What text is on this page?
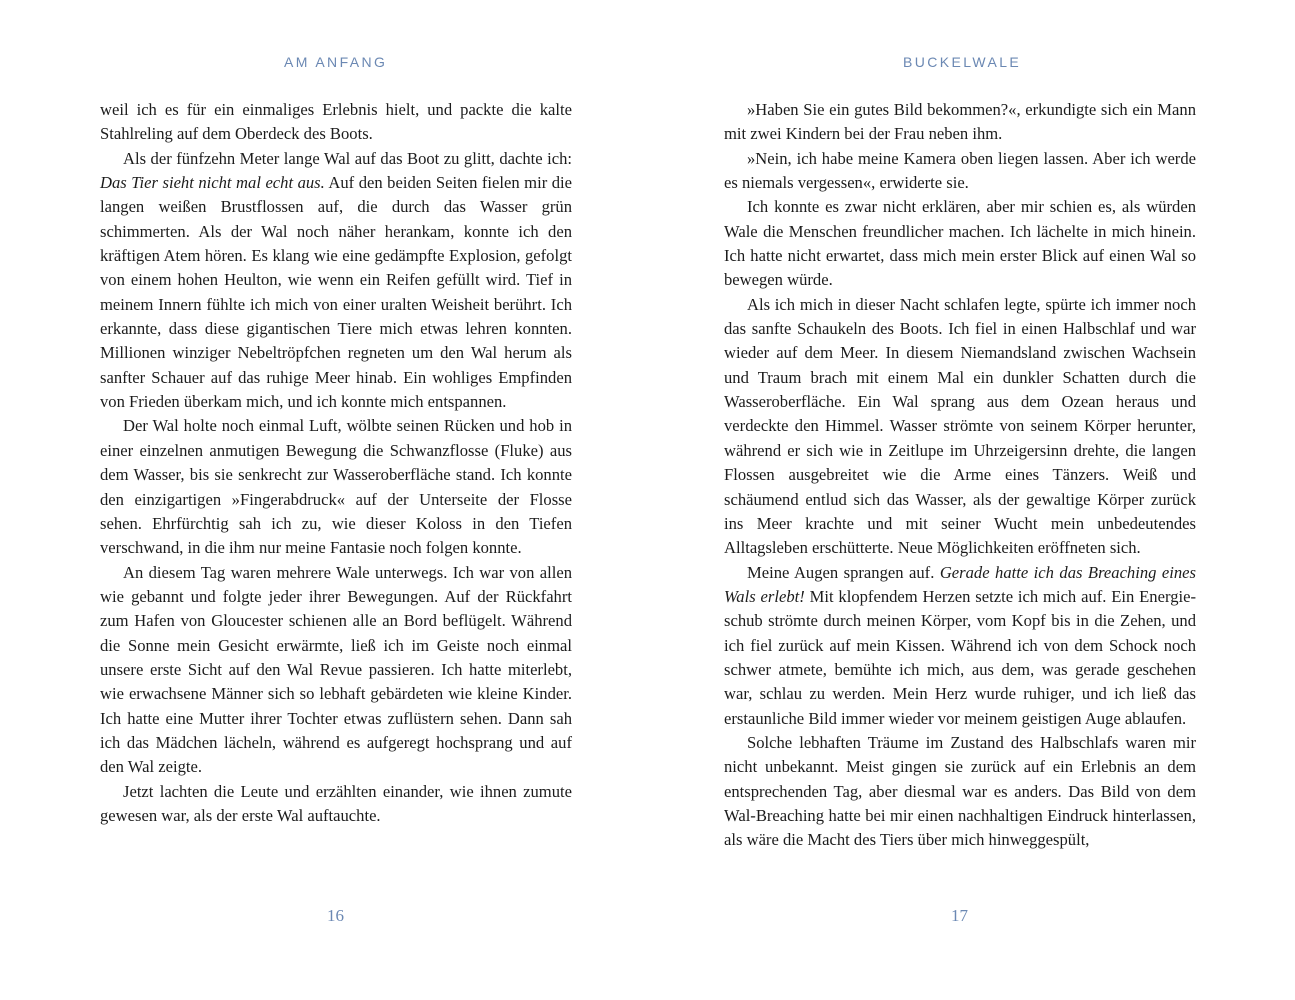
AM ANFANG

weil ich es für ein einmaliges Erlebnis hielt, und packte die kalte Stahlreling auf dem Oberdeck des Boots.

Als der fünfzehn Meter lange Wal auf das Boot zu glitt, dachte ich: Das Tier sieht nicht mal echt aus. Auf den beiden Seiten fielen mir die langen weißen Brustflossen auf, die durch das Wasser grün schimmerten. Als der Wal noch näher herankam, konnte ich den kräftigen Atem hören. Es klang wie eine gedämpfte Explosion, gefolgt von einem hohen Heulton, wie wenn ein Reifen gefüllt wird. Tief in meinem Innern fühlte ich mich von einer uralten Weisheit berührt. Ich erkannte, dass diese gigantischen Tiere mich etwas lehren konnten. Millionen winziger Nebeltröpfchen regneten um den Wal herum als sanfter Schauer auf das ruhige Meer hinab. Ein wohliges Empfinden von Frieden überkam mich, und ich konnte mich entspannen.

Der Wal holte noch einmal Luft, wölbte seinen Rücken und hob in einer einzelnen anmutigen Bewegung die Schwanzflosse (Fluke) aus dem Wasser, bis sie senkrecht zur Wasseroberfläche stand. Ich konnte den einzigartigen »Fingerabdruck« auf der Unterseite der Flosse sehen. Ehrfürchtig sah ich zu, wie dieser Koloss in den Tiefen verschwand, in die ihm nur meine Fantasie noch folgen konnte.

An diesem Tag waren mehrere Wale unterwegs. Ich war von allen wie gebannt und folgte jeder ihrer Bewegungen. Auf der Rückfahrt zum Hafen von Gloucester schienen alle an Bord beflügelt. Während die Sonne mein Gesicht erwärmte, ließ ich im Geiste noch einmal unsere erste Sicht auf den Wal Revue passieren. Ich hatte miterlebt, wie erwachsene Männer sich so lebhaft gebärdeten wie kleine Kinder. Ich hatte eine Mutter ihrer Tochter etwas zuflüstern sehen. Dann sah ich das Mädchen lächeln, während es aufgeregt hochsprang und auf den Wal zeigte.

Jetzt lachten die Leute und erzählten einander, wie ihnen zumute gewesen war, als der erste Wal auftauchte.

16
BUCKELWALE

»Haben Sie ein gutes Bild bekommen?«, erkundigte sich ein Mann mit zwei Kindern bei der Frau neben ihm.

»Nein, ich habe meine Kamera oben liegen lassen. Aber ich werde es niemals vergessen«, erwiderte sie.

Ich konnte es zwar nicht erklären, aber mir schien es, als würden Wale die Menschen freundlicher machen. Ich lächelte in mich hinein. Ich hatte nicht erwartet, dass mich mein erster Blick auf einen Wal so bewegen würde.

Als ich mich in dieser Nacht schlafen legte, spürte ich immer noch das sanfte Schaukeln des Boots. Ich fiel in einen Halbschlaf und war wieder auf dem Meer. In diesem Niemandsland zwischen Wachsein und Traum brach mit einem Mal ein dunkler Schatten durch die Wasseroberfläche. Ein Wal sprang aus dem Ozean heraus und verdeckte den Himmel. Wasser strömte von seinem Körper herunter, während er sich wie in Zeitlupe im Uhrzeigersinn drehte, die langen Flossen ausgebreitet wie die Arme eines Tänzers. Weiß und schäumend entlud sich das Wasser, als der gewaltige Körper zurück ins Meer krachte und mit seiner Wucht mein unbedeutendes Alltagsleben erschütterte. Neue Möglichkeiten eröffneten sich.

Meine Augen sprangen auf. Gerade hatte ich das Breaching eines Wals erlebt! Mit klopfendem Herzen setzte ich mich auf. Ein Energieschub strömte durch meinen Körper, vom Kopf bis in die Zehen, und ich fiel zurück auf mein Kissen. Während ich von dem Schock noch schwer atmete, bemühte ich mich, aus dem, was gerade geschehen war, schlau zu werden. Mein Herz wurde ruhiger, und ich ließ das erstaunliche Bild immer wieder vor meinem geistigen Auge ablaufen.

Solche lebhaften Träume im Zustand des Halbschlafs waren mir nicht unbekannt. Meist gingen sie zurück auf ein Erlebnis an dem entsprechenden Tag, aber diesmal war es anders. Das Bild von dem Wal-Breaching hatte bei mir einen nachhaltigen Eindruck hinterlassen, als wäre die Macht des Tiers über mich hinweggespült,

17
